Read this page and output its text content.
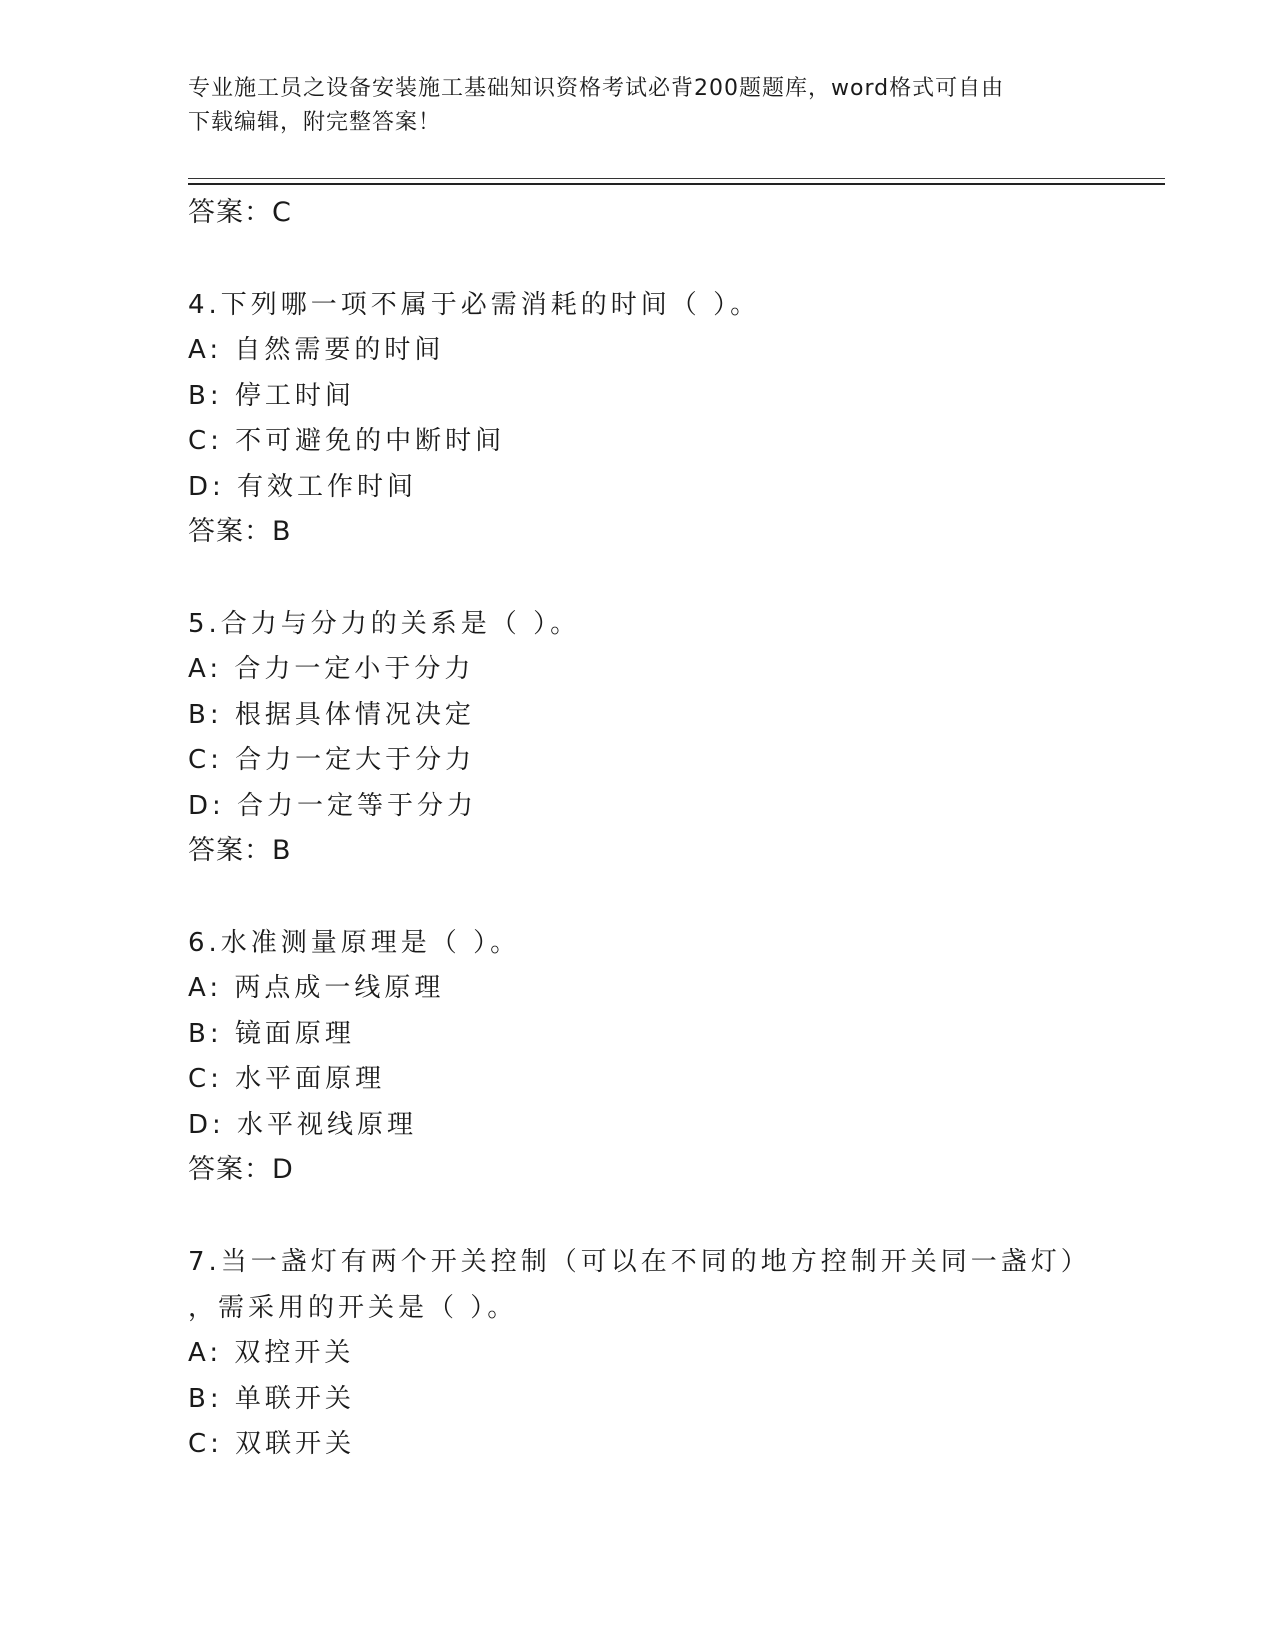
专业施工员之设备安装施工基础知识资格考试必背200题题库，word格式可自由
下载编辑，附完整答案！
答案：C
4.下列哪一项不属于必需消耗的时间（ ）。
A: 自然需要的时间
B: 停工时间
C: 不可避免的中断时间
D: 有效工作时间
答案：B
5.合力与分力的关系是（ ）。
A: 合力一定小于分力
B: 根据具体情况决定
C: 合力一定大于分力
D: 合力一定等于分力
答案：B
6.水准测量原理是（ ）。
A: 两点成一线原理
B: 镜面原理
C: 水平面原理
D: 水平视线原理
答案：D
7.当一盏灯有两个开关控制（可以在不同的地方控制开关同一盏灯）
，需采用的开关是（ ）。
A: 双控开关
B: 单联开关
C: 双联开关
